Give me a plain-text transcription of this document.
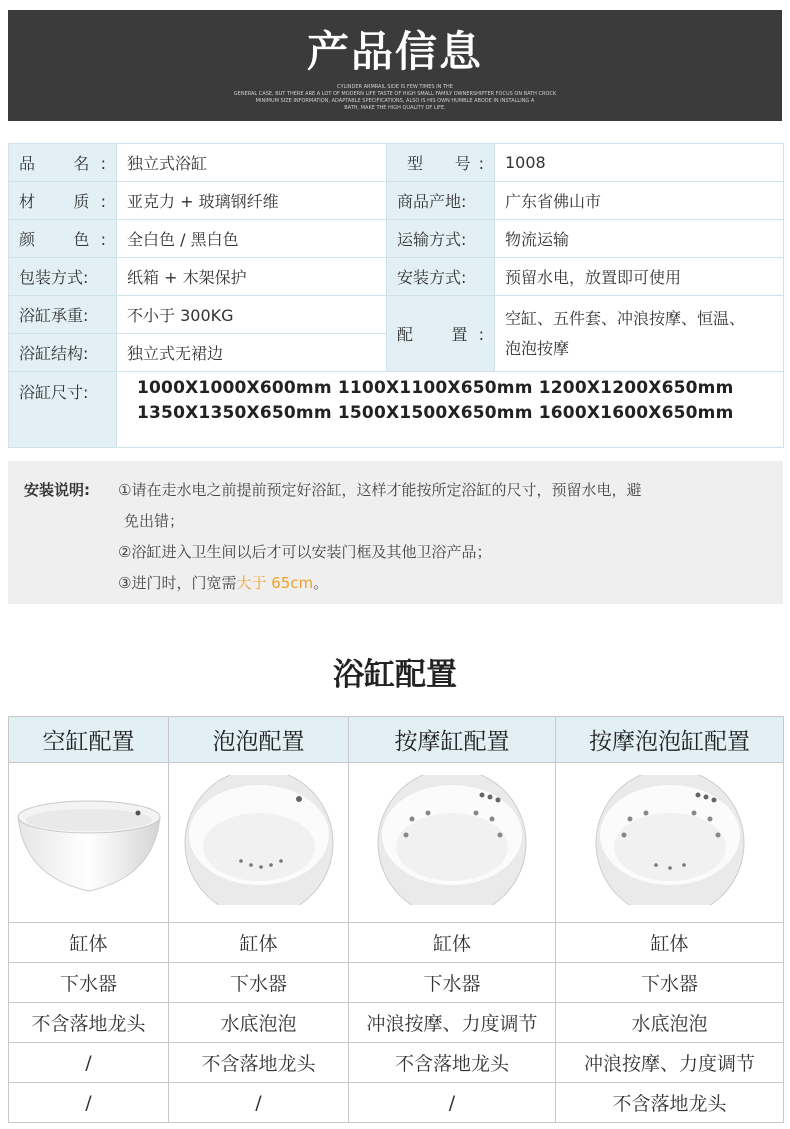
产品信息
CYLINDER ARMRAIL SIDE IS FEW TIMES IN THE
GENERAL CASE, BUT THERE ARE A LOT OF MODERN LIFE TASTE OF HIGH SMALL FAMILY OWNERSHIPTER FOCUS ON BATH CROCK
MINIMUM SIZE INFORMATION, ADAPTABLE SPECIFICATIONS, ALSO IS HIS OWN HUMBLE ABODE IN INSTALLING A
BATH, MAKE THE HIGH QUALITY OF LIFE.
品　名:	独立式浴缸	型　号:	1008

材　质:	亚克力 + 玻璃钢纤维	商品产地:	广东省佛山市

颜　色:	全白色 / 黑白色	运输方式:	物流运输
包装方式:	纸箱 + 木架保护	安装方式:	预留水电，放置即可使用
浴缸承重:	不小于 300KG	配　置:	空缸、五件套、冲浪按摩、恒温、
泡泡按摩

浴缸结构:	独立式无裙边		
浴缸尺寸:	1000X1000X600mm 1100X1100X650mm 1200X1200X650mm
1350X1350X650mm 1500X1500X650mm 1600X1600X650mm		
安装说明: ①请在走水电之前提前预定好浴缸，这样才能按所定浴缸的尺寸，预留水电，避
免出错；
②浴缸进入卫生间以后才可以安装门框及其他卫浴产品；
③进门时，门宽需大于 65cm。
浴缸配置
空缸配置	泡泡配置	按摩缸配置	按摩泡泡缸配置

缸体	缸体	缸体	缸体
下水器	下水器	下水器	下水器
不含落地龙头	水底泡泡	冲浪按摩、力度调节	水底泡泡
/	不含落地龙头	不含落地龙头	冲浪按摩、力度调节
/	/	/	不含落地龙头
